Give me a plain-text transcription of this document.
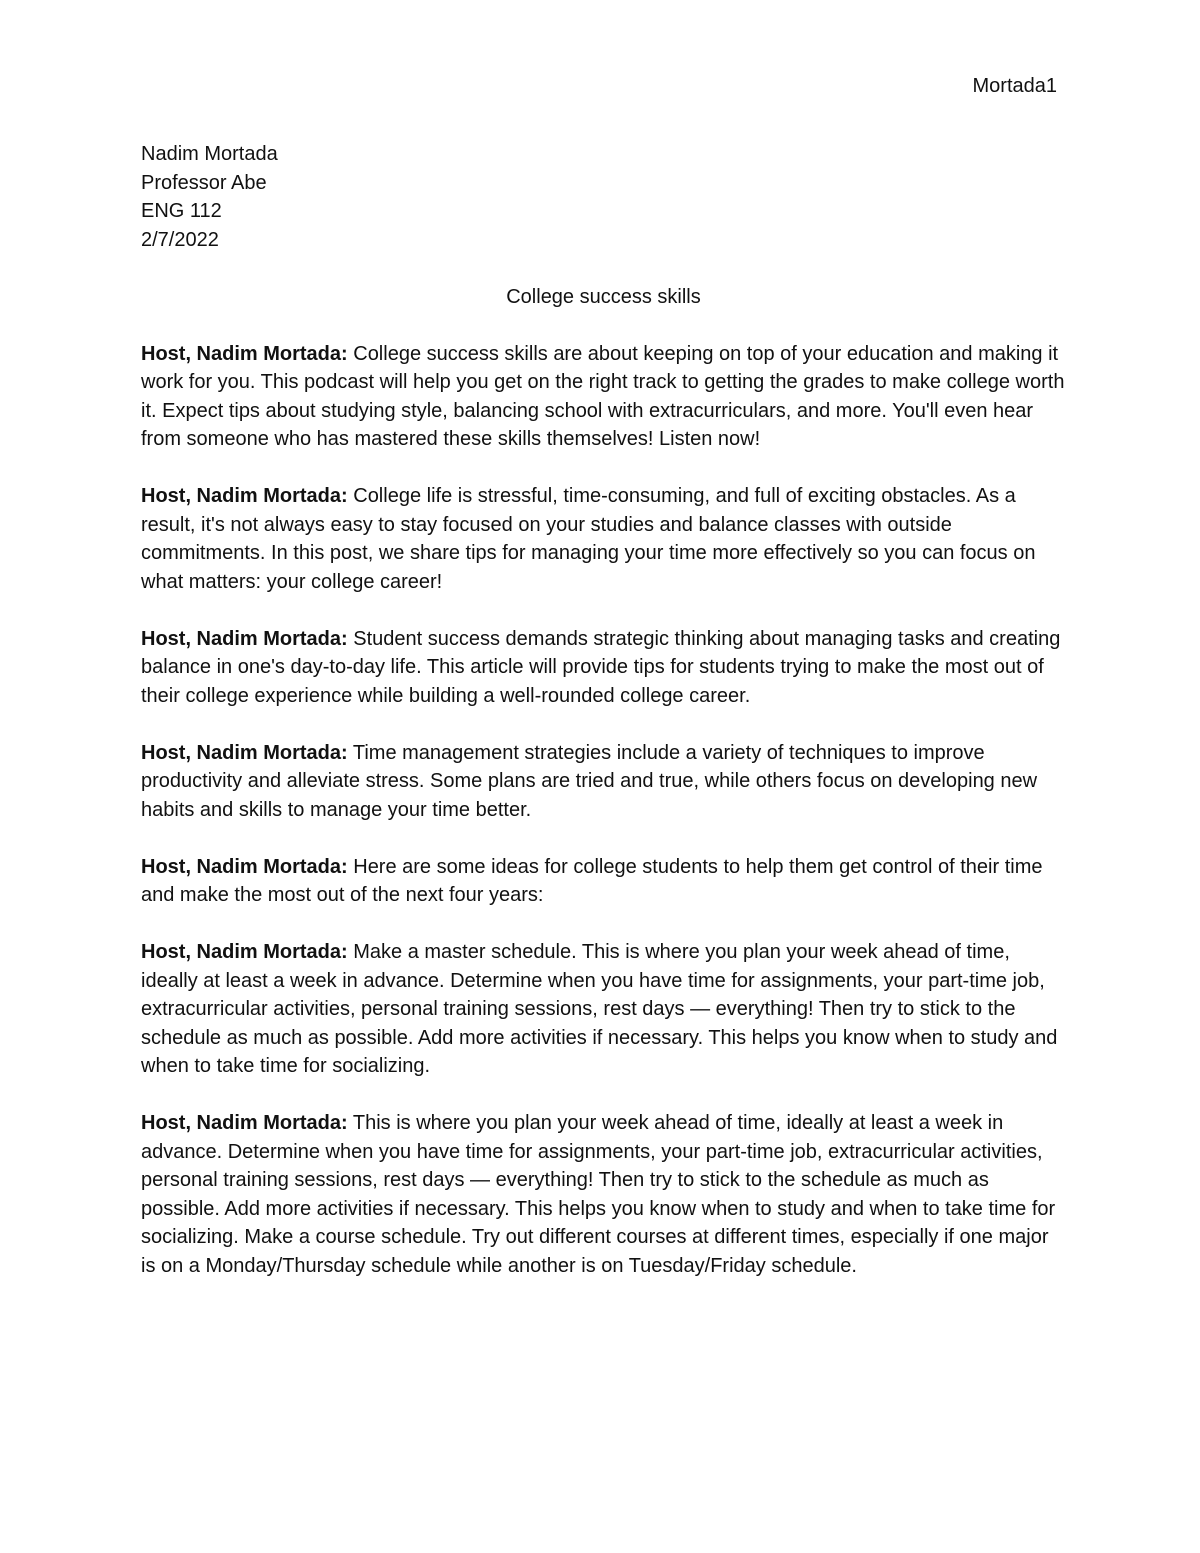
Mortada1
Nadim Mortada
Professor Abe
ENG 112
2/7/2022
College success skills

Host, Nadim Mortada: College success skills are about keeping on top of your education and making it work for you. This podcast will help you get on the right track to getting the grades to make college worth it. Expect tips about studying style, balancing school with extracurriculars, and more. You'll even hear from someone who has mastered these skills themselves! Listen now!

Host, Nadim Mortada: College life is stressful, time-consuming, and full of exciting obstacles. As a result, it's not always easy to stay focused on your studies and balance classes with outside commitments. In this post, we share tips for managing your time more effectively so you can focus on what matters: your college career!

Host, Nadim Mortada: Student success demands strategic thinking about managing tasks and creating balance in one's day-to-day life. This article will provide tips for students trying to make the most out of their college experience while building a well-rounded college career.

Host, Nadim Mortada: Time management strategies include a variety of techniques to improve productivity and alleviate stress. Some plans are tried and true, while others focus on developing new habits and skills to manage your time better.

Host, Nadim Mortada: Here are some ideas for college students to help them get control of their time and make the most out of the next four years:

Host, Nadim Mortada: Make a master schedule. This is where you plan your week ahead of time, ideally at least a week in advance. Determine when you have time for assignments, your part-time job, extracurricular activities, personal training sessions, rest days — everything! Then try to stick to the schedule as much as possible. Add more activities if necessary. This helps you know when to study and when to take time for socializing.

Host, Nadim Mortada: This is where you plan your week ahead of time, ideally at least a week in advance. Determine when you have time for assignments, your part-time job, extracurricular activities, personal training sessions, rest days — everything! Then try to stick to the schedule as much as possible. Add more activities if necessary. This helps you know when to study and when to take time for socializing. Make a course schedule. Try out different courses at different times, especially if one major is on a Monday/Thursday schedule while another is on Tuesday/Friday schedule.
